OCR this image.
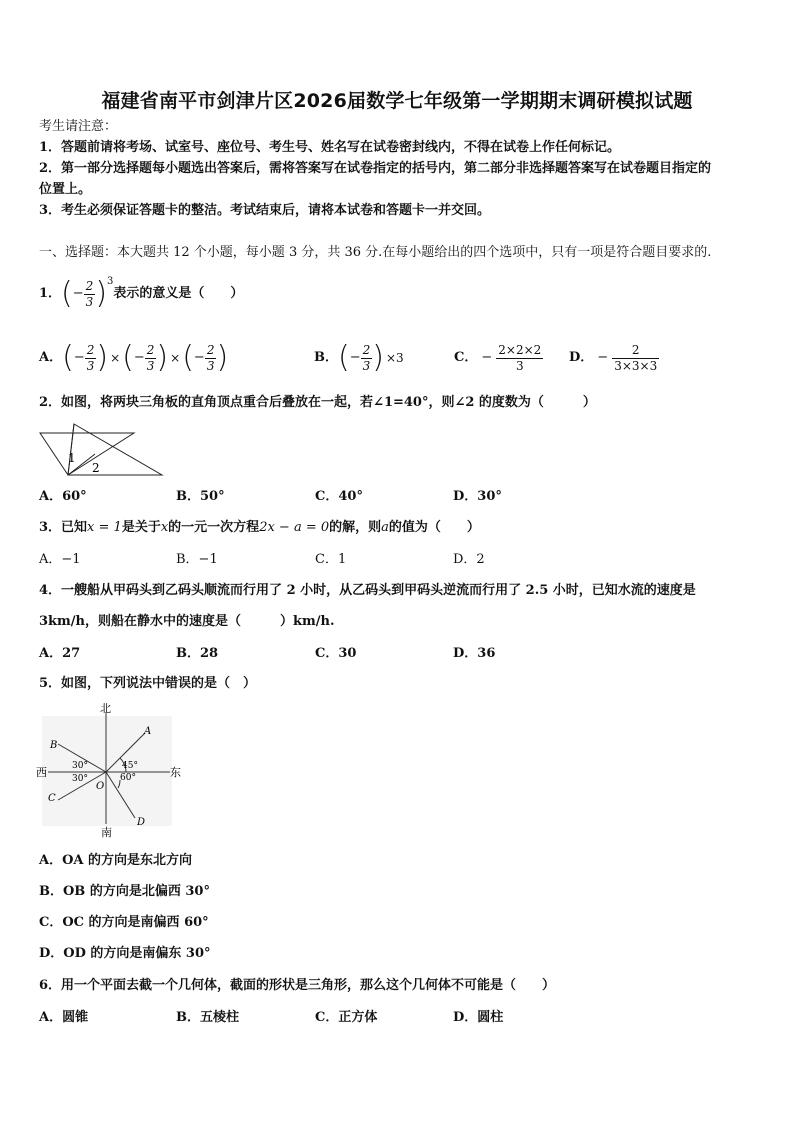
福建省南平市剑津片区2026届数学七年级第一学期期末调研模拟试题
考生请注意：
1．答题前请将考场、试室号、座位号、考生号、姓名写在试卷密封线内，不得在试卷上作任何标记。
2．第一部分选择题每小题选出答案后，需将答案写在试卷指定的括号内，第二部分非选择题答案写在试卷题目指定的
位置上。
3．考生必须保证答题卡的整洁。考试结束后，请将本试卷和答题卡一并交回。
一、选择题：本大题共 12 个小题，每小题 3 分，共 36 分.在每小题给出的四个选项中，只有一项是符合题目要求的.
1． ( − $\frac{2}{3}$ ) 3
表示的意义是（　　）
A． ( − $\frac{2}{3}$ ) × ( − $\frac{2}{3}$ ) × ( − $\frac{2}{3}$ )	B． ( − $\frac{2}{3}$ ) ×3	C． − $\frac{2\times 2\times 2}{3}$ D． − $\frac{2}{3\times 3\times 3}$
2．如图，将两块三角板的直角顶点重合后叠放在一起，若∠1=40°，则∠2 的度数为（　　　）
1
2
A．60°	B．50°	C．40°	D．30°
3．已知x = 1是关于x的一元一次方程2x − a = 0的解，则a的值为（　　）
A．−1	B．−1	C．1	D．2
4．一艘船从甲码头到乙码头顺流而行用了 2 小时，从乙码头到甲码头逆流而行用了 2.5 小时，已知水流的速度是
3km/h，则船在静水中的速度是（　　　）km/h.
A．27	B．28	C．30	D．36
5．如图，下列说法中错误的是（　）
北
南
西	东
A
B
C
D
O
30°
30°
45°
60°
A．OA 的方向是东北方向
B．OB 的方向是北偏西 30°
C．OC 的方向是南偏西 60°
D．OD 的方向是南偏东 30°
6．用一个平面去截一个几何体，截面的形状是三角形，那么这个几何体不可能是（　　）
A．圆锥	B．五棱柱	C．正方体	D．圆柱
